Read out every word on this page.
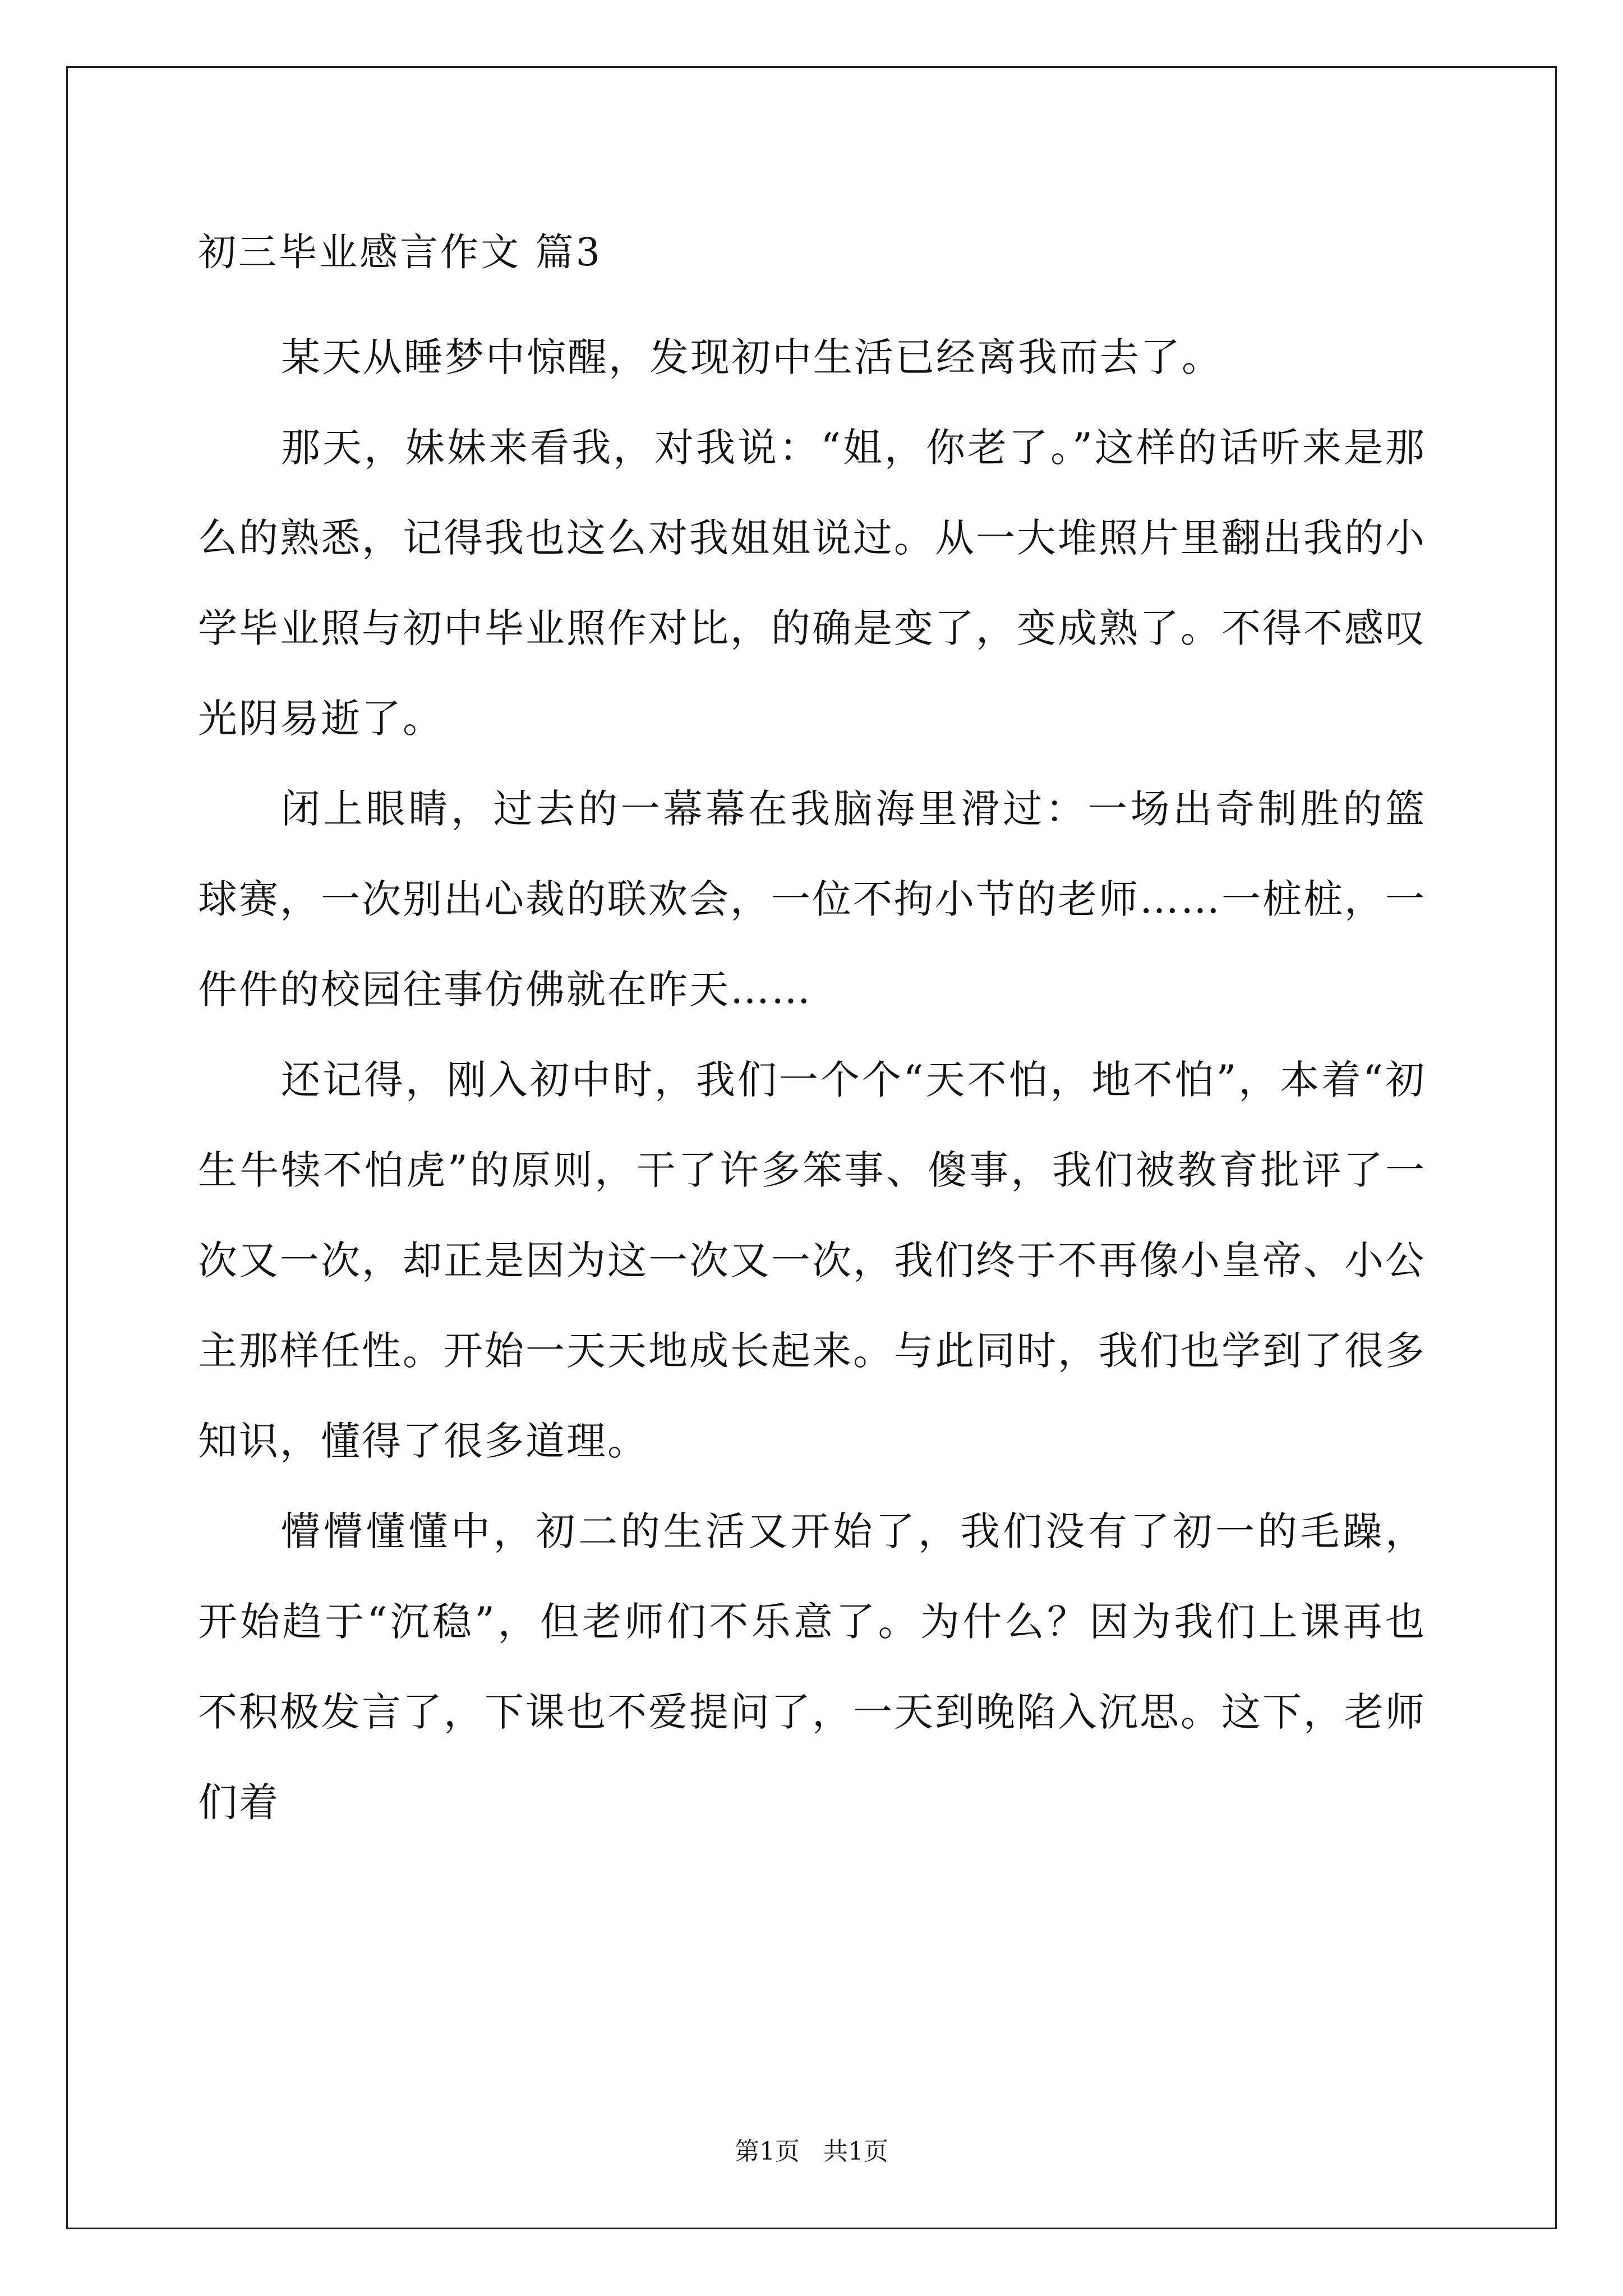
初三毕业感言作文 篇3

某天从睡梦中惊醒，发现初中生活已经离我而去了。

那天，妹妹来看我，对我说：“姐，你老了。”这样的话听来是那么的熟悉，记得我也这么对我姐姐说过。从一大堆照片里翻出我的小学毕业照与初中毕业照作对比，的确是变了，变成熟了。不得不感叹光阴易逝了。

闭上眼睛，过去的一幕幕在我脑海里滑过：一场出奇制胜的篮球赛，一次别出心裁的联欢会，一位不拘小节的老师……一桩桩，一件件的校园往事仿佛就在昨天……

还记得，刚入初中时，我们一个个“天不怕，地不怕”，本着“初生牛犊不怕虎”的原则，干了许多笨事、傻事，我们被教育批评了一次又一次，却正是因为这一次又一次，我们终于不再像小皇帝、小公主那样任性。开始一天天地成长起来。与此同时，我们也学到了很多知识，懂得了很多道理。

懵懵懂懂中，初二的生活又开始了，我们没有了初一的毛躁，开始趋于“沉稳”，但老师们不乐意了。为什么？因为我们上课再也不积极发言了，下课也不爱提问了，一天到晚陷入沉思。这下，老师们着

第1页   共1页
